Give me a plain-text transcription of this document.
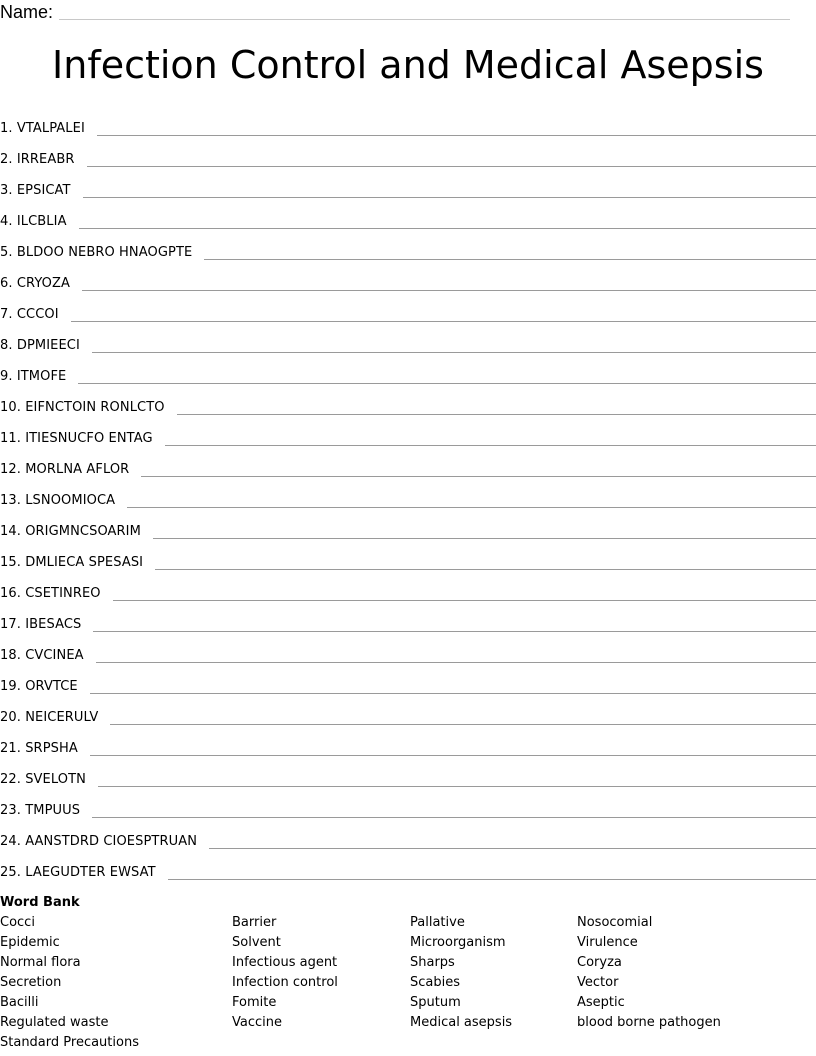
Name:
Infection Control and Medical Asepsis
1. VTALPALEI
2. IRREABR
3. EPSICAT
4. ILCBLIA
5. BLDOO NEBRO HNAOGPTE
6. CRYOZA
7. CCCOI
8. DPMIEECI
9. ITMOFE
10. EIFNCTOIN RONLCTO
11. ITIESNUCFO ENTAG
12. MORLNA AFLOR
13. LSNOOMIOCA
14. ORIGMNCSOARIM
15. DMLIECA SPESASI
16. CSETINREO
17. IBESACS
18. CVCINEA
19. ORVTCE
20. NEICERULV
21. SRPSHA
22. SVELOTN
23. TMPUUS
24. AANSTDRD CIOESPTRUAN
25. LAEGUDTER EWSAT
Word Bank
Cocci
Epidemic
Normal flora
Secretion
Bacilli
Regulated waste
Standard Precautions
Barrier
Solvent
Infectious agent
Infection control
Fomite
Vaccine
Pallative
Microorganism
Sharps
Scabies
Sputum
Medical asepsis
Nosocomial
Virulence
Coryza
Vector
Aseptic
blood borne pathogen
